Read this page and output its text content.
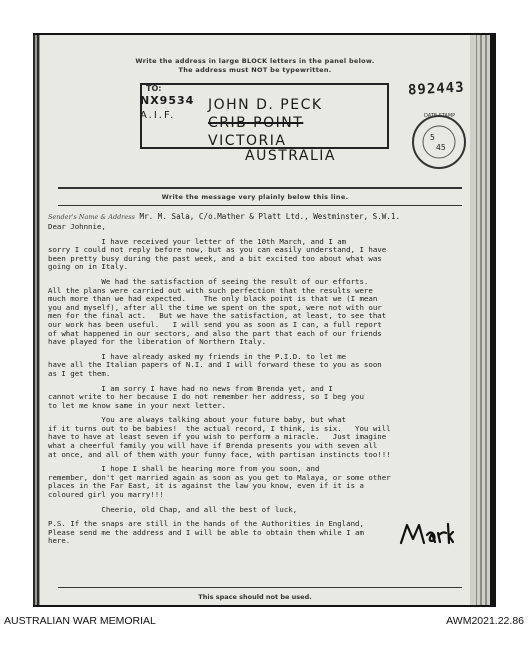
Write the address in large BLOCK letters in the panel below.
The address must NOT be typewritten.
TO:
NX9534
A.I.F.
JOHN D. PECK
CRIB POINT
VICTORIA
AUSTRALIA
892443
5
45
DATE STAMP
Write the message very plainly below this line.
Sender's Name & Address Mr. M. Sala, C/o.Mather & Platt Ltd., Westminster, S.W.1.

Dear Johnnie,

I have received your letter of the 10th March, and I am
sorry I could not reply before now, but as you can easily understand, I have
been pretty busy during the past week, and a bit excited too about what was
going on in Italy.

We had the satisfaction of seeing the result of our efforts.
All the plans were carried out with such perfection that the results were
much more than we had expected.    The only black point is that we (I mean
you and myself), after all the time we spent on the spot, were not with our
men for the final act.   But we have the satisfaction, at least, to see that
our work has been useful.   I will send you as soon as I can, a full report
of what happened in our sectors, and also the part that each of our friends
have played for the liberation of Northern Italy.

I have already asked my friends in the P.I.D. to let me
have all the Italian papers of N.I. and I will forward these to you as soon
as I get them.

I am sorry I have had no news from Brenda yet, and I
cannot write to her because I do not remember her address, so I beg you
to let me know same in your next letter.

You are always talking about your future baby, but what
if it turns out to be babies!  the actual record, I think, is six.   You will
have to have at least seven if you wish to perform a miracle.   Just imagine
what a cheerful family you will have if Brenda presents you with seven all
at once, and all of them with your funny face, with partisan instincts too!!!

I hope I shall be hearing more from you soon, and
remember, don't get married again as soon as you get to Malaya, or some other
places in the Far East, it is against the law you know, even if it is a
coloured girl you marry!!!

Cheerio, old Chap, and all the best of luck,

P.S. If the snaps are still in the hands of the Authorities in England,
Please send me the address and I will be able to obtain them while I am
here.

This space should not be used.
AUSTRALIAN WAR MEMORIAL	AWM2021.22.86
